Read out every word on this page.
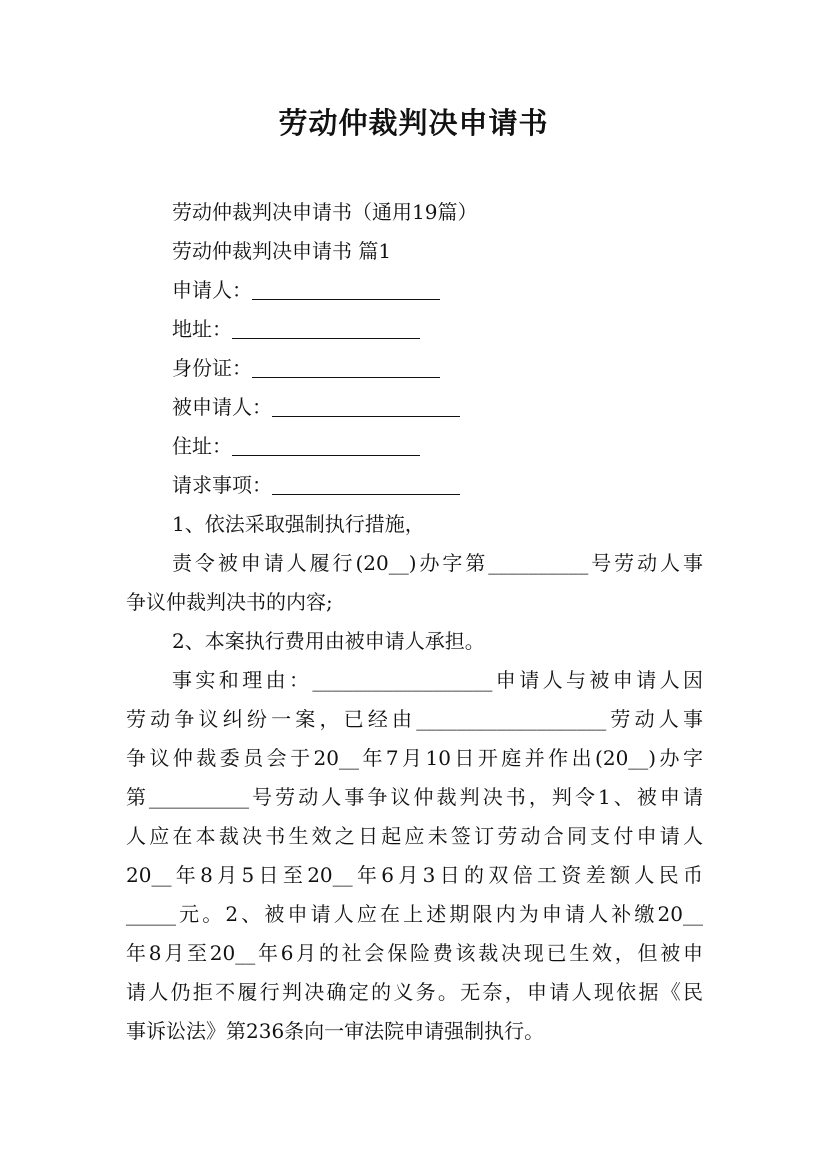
劳动仲裁判决申请书
劳动仲裁判决申请书（通用19篇）
劳动仲裁判决申请书 篇1
申请人：
地址：
身份证：
被申请人：
住址：
请求事项：
1、依法采取强制执行措施，
责令被申请人履行(20__)办字第__________号劳动人事
争议仲裁判决书的内容;
2、本案执行费用由被申请人承担。
事实和理由：__________________申请人与被申请人因
劳动争议纠纷一案，已经由___________________劳动人事
争议仲裁委员会于20__年7月10日开庭并作出(20__)办字
第__________号劳动人事争议仲裁判决书，判令1、被申请
人应在本裁决书生效之日起应未签订劳动合同支付申请人
20__年8月5日至20__年6月3日的双倍工资差额人民币
_____元。2、被申请人应在上述期限内为申请人补缴20__
年8月至20__年6月的社会保险费该裁决现已生效，但被申
请人仍拒不履行判决确定的义务。无奈，申请人现依据《民
事诉讼法》第236条向一审法院申请强制执行。
